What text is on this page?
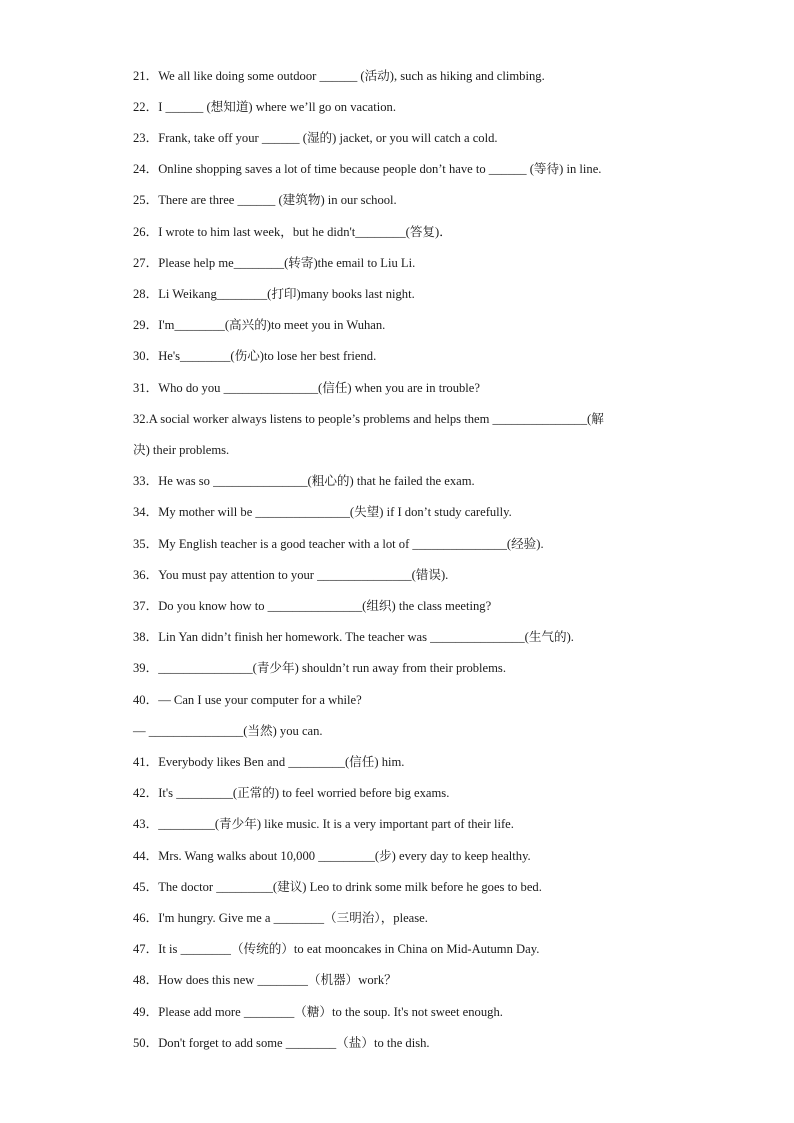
21．We all like doing some outdoor ______ (活动), such as hiking and climbing.
22．I ______ (想知道) where we’ll go on vacation.
23．Frank, take off your ______ (湿的) jacket, or you will catch a cold.
24．Online shopping saves a lot of time because people don’t have to ______ (等待) in line.
25．There are three ______ (建筑物) in our school.
26．I wrote to him last week，but he didn't________(答复)．
27．Please help me________(转寄)the email to Liu Li.
28．Li Weikang________(打印)many books last night.
29．I'm________(高兴的)to meet you in Wuhan.
30．He's________(伤心)to lose her best friend.
31．Who do you _______________(信任) when you are in trouble?
32.A social worker always listens to people’s problems and helps them _______________(解
决) their problems.
33．He was so _______________(粗心的) that he failed the exam.
34．My mother will be _______________(失望) if I don’t study carefully.
35．My English teacher is a good teacher with a lot of _______________(经验).
36．You must pay attention to your _______________(错误).
37．Do you know how to _______________(组织) the class meeting?
38．Lin Yan didn’t finish her homework. The teacher was _______________(生气的).
39．_______________(青少年) shouldn’t run away from their problems.
40．— Can I use your computer for a while?
— _______________(当然) you can.
41．Everybody likes Ben and _________(信任) him.
42．It's _________(正常的) to feel worried before big exams.
43．_________(青少年) like music. It is a very important part of their life.
44．Mrs. Wang walks about 10,000 _________(步) every day to keep healthy.
45．The doctor _________(建议) Leo to drink some milk before he goes to bed.
46．I'm hungry. Give me a ________（三明治），please.
47．It is ________（传统的）to eat mooncakes in China on Mid-Autumn Day.
48．How does this new ________（机器）work？
49．Please add more ________（糖）to the soup. It's not sweet enough.
50．Don't forget to add some ________（盐）to the dish.
